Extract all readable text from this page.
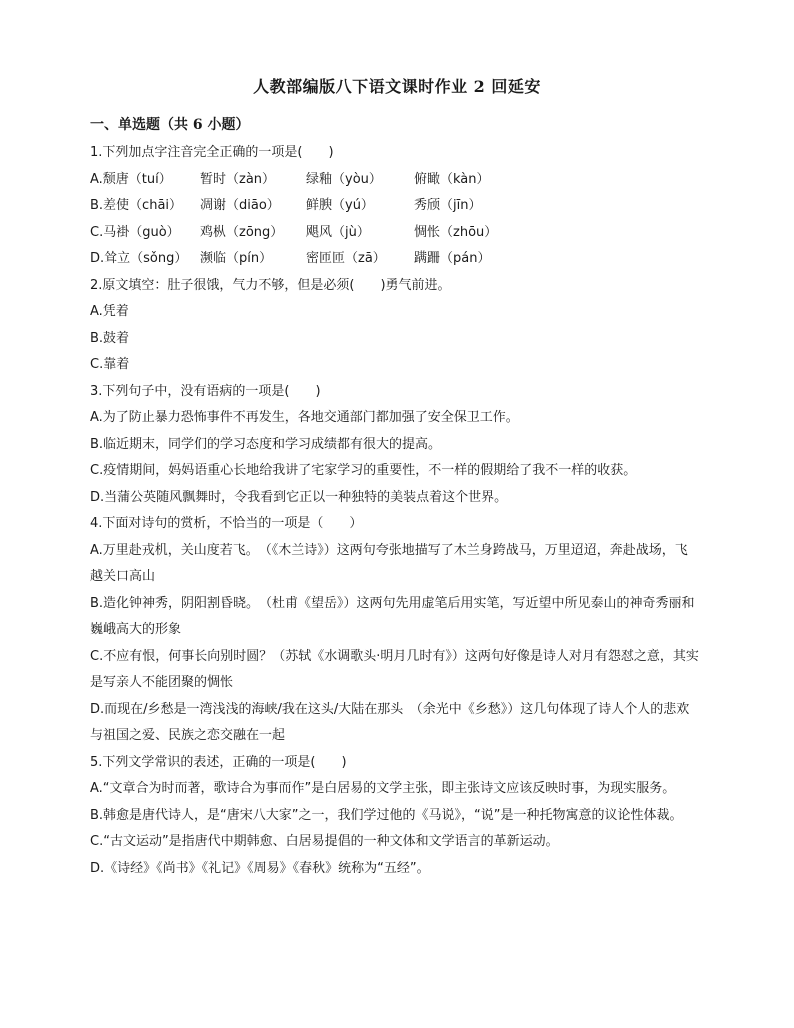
人教部编版八下语文课时作业 2 回延安
一、单选题（共 6 小题）
1.下列加点字注音完全正确的一项是(　　)
A.颓唐（tuí）	暂时（zàn）	绿釉（yòu）	俯瞰（kàn）
B.差使（chāi）	凋谢（diāo）	鲜腴（yú）	秀颀（jīn）
C.马褂（guò）	鸡枞（zōng）	飓风（jù）	惆怅（zhōu）
D.耸立（sǒng） 濒临（pín）	密匝匝（zā）	蹒跚（pán）
2.原文填空：肚子很饿，气力不够，但是必须(　　)勇气前进。
A.凭着
B.鼓着
C.靠着
3.下列句子中，没有语病的一项是(　　)
A.为了防止暴力恐怖事件不再发生，各地交通部门都加强了安全保卫工作。
B.临近期末，同学们的学习态度和学习成绩都有很大的提高。
C.疫情期间，妈妈语重心长地给我讲了宅家学习的重要性，不一样的假期给了我不一样的收获。
D.当蒲公英随风飘舞时，令我看到它正以一种独特的美装点着这个世界。
4.下面对诗句的赏析，不恰当的一项是（　　）
A.万里赴戎机，关山度若飞。　（《木兰诗》）这两句夸张地描写了木兰身跨战马，万里迢迢，奔赴战场，飞越关口高山
B.造化钟神秀，阴阳割昏晓。　（杜甫《望岳》）这两句先用虚笔后用实笔，写近望中所见泰山的神奇秀丽和巍峨高大的形象
C.不应有恨，何事长向别时圆？（苏轼《水调歌头·明月几时有》）这两句好像是诗人对月有怨怼之意，其实是写亲人不能团聚的惆怅
D.而现在/乡愁是一湾浅浅的海峡/我在这头/大陆在那头　（余光中《乡愁》）这几句体现了诗人个人的悲欢与祖国之爱、民族之恋交融在一起
5.下列文学常识的表述，正确的一项是(　　)
A.“文章合为时而著，歌诗合为事而作”是白居易的文学主张，即主张诗文应该反映时事，为现实服务。
B.韩愈是唐代诗人，是“唐宋八大家”之一，我们学过他的《马说》，“说”是一种托物寓意的议论性体裁。
C.“古文运动”是指唐代中期韩愈、白居易提倡的一种文体和文学语言的革新运动。
D.《诗经》《尚书》《礼记》《周易》《春秋》统称为“五经”。
